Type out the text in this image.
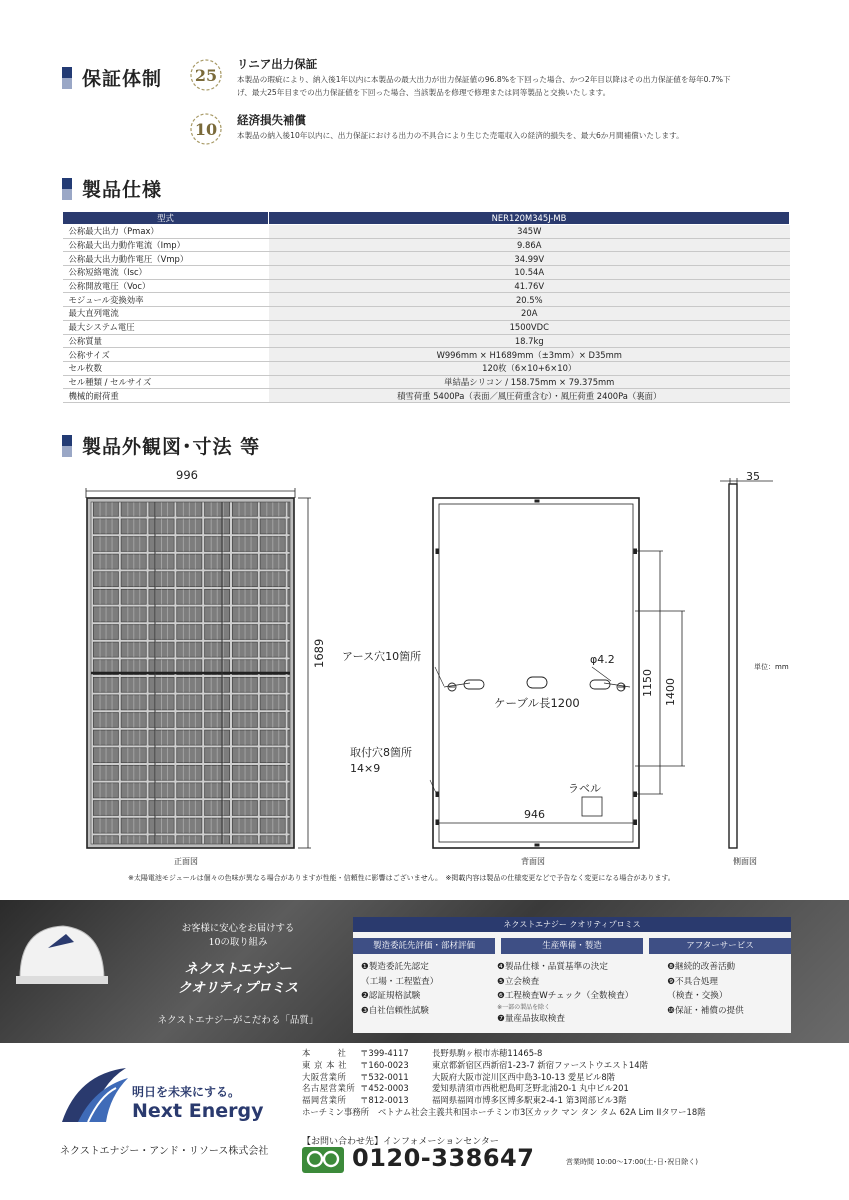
保証体制 25
リニア出力保証
本製品の瑕疵により、納入後1年以内に本製品の最大出力が出力保証値の96.8%を下回った場合、かつ2年目以降はその出力保証値を毎年0.7%下
げ、最大25年目までの出力保証値を下回った場合、当該製品を修理で修理または同等製品と交換いたします。
10 経済損失補償
本製品の納入後10年以内に、出力保証における出力の不具合により生じた売電収入の経済的損失を、最大6か月間補償いたします。
製品仕様
型式	NER120M345J-MB
公称最大出力（Pmax）	345W
公称最大出力動作電流（Imp）	9.86A
公称最大出力動作電圧（Vmp）	34.99V
公称短絡電流（Isc）	10.54A
公称開放電圧（Voc）	41.76V
モジュール変換効率	20.5%
最大直列電流	20A
最大システム電圧	1500VDC
公称質量	18.7kg
公称サイズ	W996mm × H1689mm（±3mm）× D35mm
セル枚数	120枚（6×10+6×10）
セル種類 / セルサイズ	単結晶シリコン / 158.75mm × 79.375mm
機械的耐荷重	積雪荷重 5400Pa（表面／風圧荷重含む）・風圧荷重 2400Pa（裏面）
製品外観図･寸法 等
996
1689 アース穴10箇所	φ4.2
ケーブル長1200
取付穴8箇所
14×9
ラベル
946
1150 1400
35
単位：mm
正面図	背面図	側面図
※太陽電池モジュールは個々の色味が異なる場合がありますが性能・信頼性に影響はございません。　※掲載内容は製品の仕様変更などで予告なく変更になる場合があります。
お客様に安心をお届けする
10の取り組み
ネクストエナジー
クオリティプロミス
ネクストエナジーがこだわる「品質」
ネクストエナジー クオリティプロミス
製造委託先評価・部材評価	生産準備・製造	アフターサービス
❶製造委託先認定
（工場・工程監査）
❷認証規格試験
❸自社信頼性試験
❹製品仕様・品質基準の決定
❺立会検査
❻工程検査Wチェック（全数検査）
※一部の製品を除く
❼量産品抜取検査
❽継続的改善活動
❾不具合処理
（検査・交換）
❿保証・補償の提供
明日を未来にする。
Next Energy
ネクストエナジー・アンド・リソース株式会社
本　　　社	〒399-4117	長野県駒ヶ根市赤穂11465-8
東 京 本 社	〒160-0023	東京都新宿区西新宿1-23-7 新宿ファーストウエスト14階
大阪営業所	〒532-0011	大阪府大阪市淀川区西中島3-10-13 愛星ビル8階
名古屋営業所 〒452-0003	愛知県清須市西枇杷島町芝野北浦20-1 丸中ビル201
福岡営業所	〒812-0013	福岡県福岡市博多区博多駅東2-4-1 第3岡部ビル3階
ホーチミン事務所	ベトナム社会主義共和国ホーチミン市3区カック マン タン タム 62A Lim IIタワー18階
【お問い合わせ先】インフォメーションセンター
0120-338647	営業時間 10:00～17:00(土･日･祝日除く)
